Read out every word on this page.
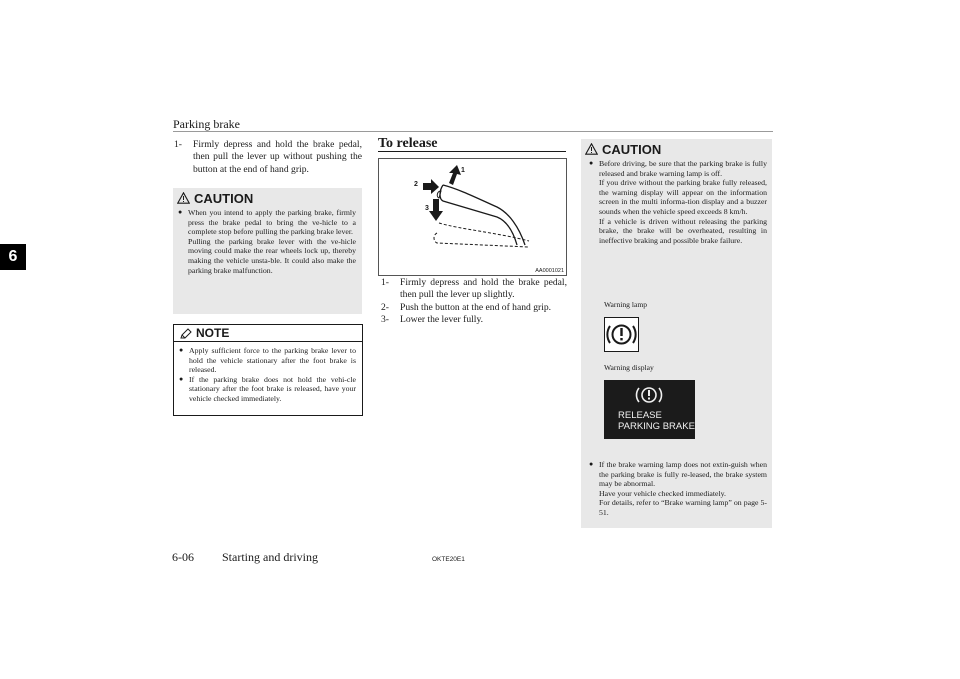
Parking brake
6
1-	Firmly depress and hold the brake pedal, then pull the lever up without pushing the button at the end of hand grip.
CAUTION
● When you intend to apply the parking brake, firmly press the brake pedal to bring the ve-hicle to a complete stop before pulling the parking brake lever.
Pulling the parking brake lever with the ve-hicle moving could make the rear wheels lock up, thereby making the vehicle unsta-ble. It could also make the parking brake malfunction.
NOTE
● Apply sufficient force to the parking brake lever to hold the vehicle stationary after the foot brake is released.
● If the parking brake does not hold the vehi-cle stationary after the foot brake is released, have your vehicle checked immediately.
To release
1
2
3
AA0001021
1-	Firmly depress and hold the brake pedal, then pull the lever up slightly.
2-	Push the button at the end of hand grip.
3-	Lower the lever fully.
CAUTION
● Before driving, be sure that the parking brake is fully released and brake warning lamp is off.
If you drive without the parking brake fully released, the warning display will appear on the information screen in the multi informa-tion display and a buzzer sounds when the vehicle speed exceeds 8 km/h.
If a vehicle is driven without releasing the parking brake, the brake will be overheated, resulting in ineffective braking and possible brake failure.
Warning lamp
Warning display
RELEASE
PARKING BRAKE
● If the brake warning lamp does not extin-guish when the parking brake is fully re-leased, the brake system may be abnormal.
Have your vehicle checked immediately.
For details, refer to “Brake warning lamp” on page 5-51.
6-06 Starting and driving	OKTE20E1
